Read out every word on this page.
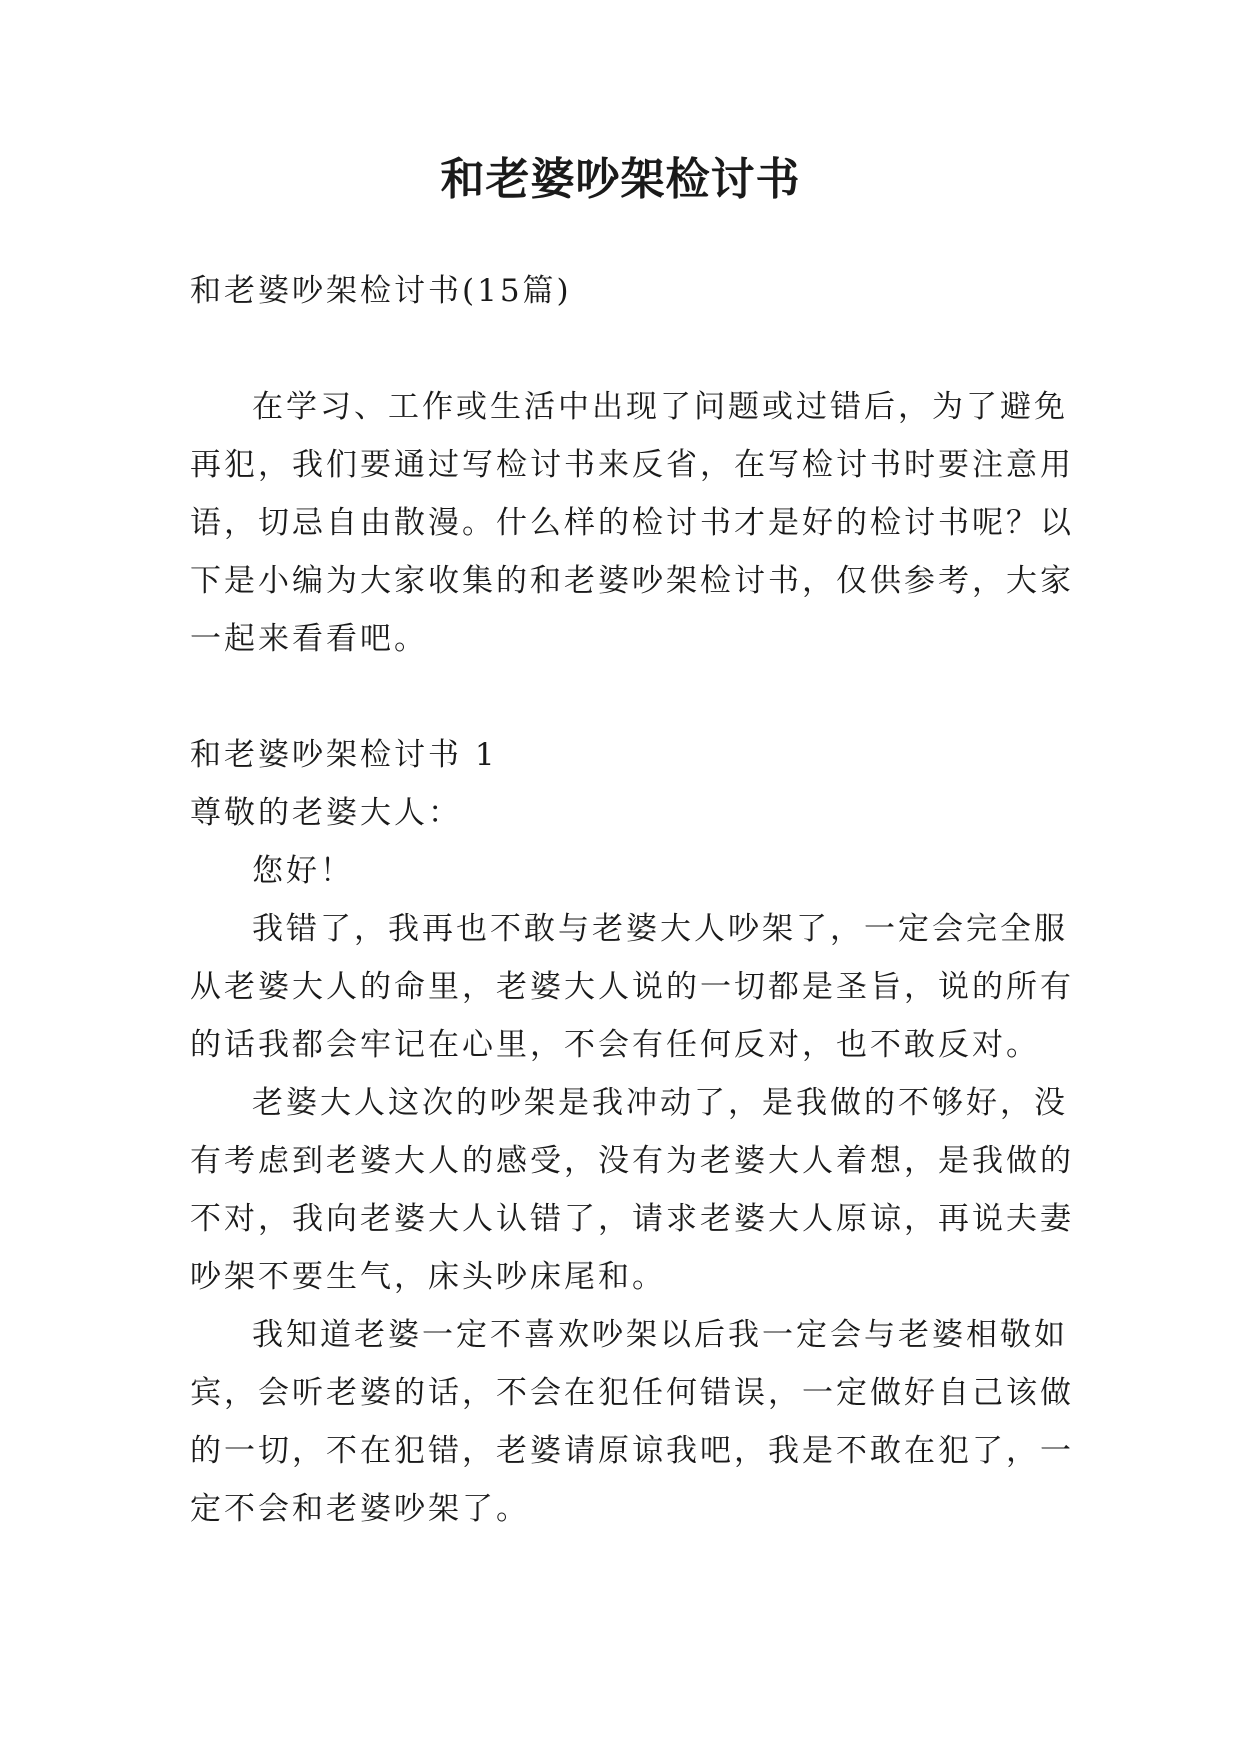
和老婆吵架检讨书

和老婆吵架检讨书(15篇)

在学习、工作或生活中出现了问题或过错后，为了避免再犯，我们要通过写检讨书来反省，在写检讨书时要注意用语，切忌自由散漫。什么样的检讨书才是好的检讨书呢？以下是小编为大家收集的和老婆吵架检讨书，仅供参考，大家一起来看看吧。

和老婆吵架检讨书 1

尊敬的老婆大人：

您好！

我错了，我再也不敢与老婆大人吵架了，一定会完全服从老婆大人的命里，老婆大人说的一切都是圣旨，说的所有的话我都会牢记在心里，不会有任何反对，也不敢反对。

老婆大人这次的吵架是我冲动了，是我做的不够好，没有考虑到老婆大人的感受，没有为老婆大人着想，是我做的不对，我向老婆大人认错了，请求老婆大人原谅，再说夫妻吵架不要生气，床头吵床尾和。

我知道老婆一定不喜欢吵架以后我一定会与老婆相敬如宾，会听老婆的话，不会在犯任何错误，一定做好自己该做的一切，不在犯错，老婆请原谅我吧，我是不敢在犯了，一定不会和老婆吵架了。
